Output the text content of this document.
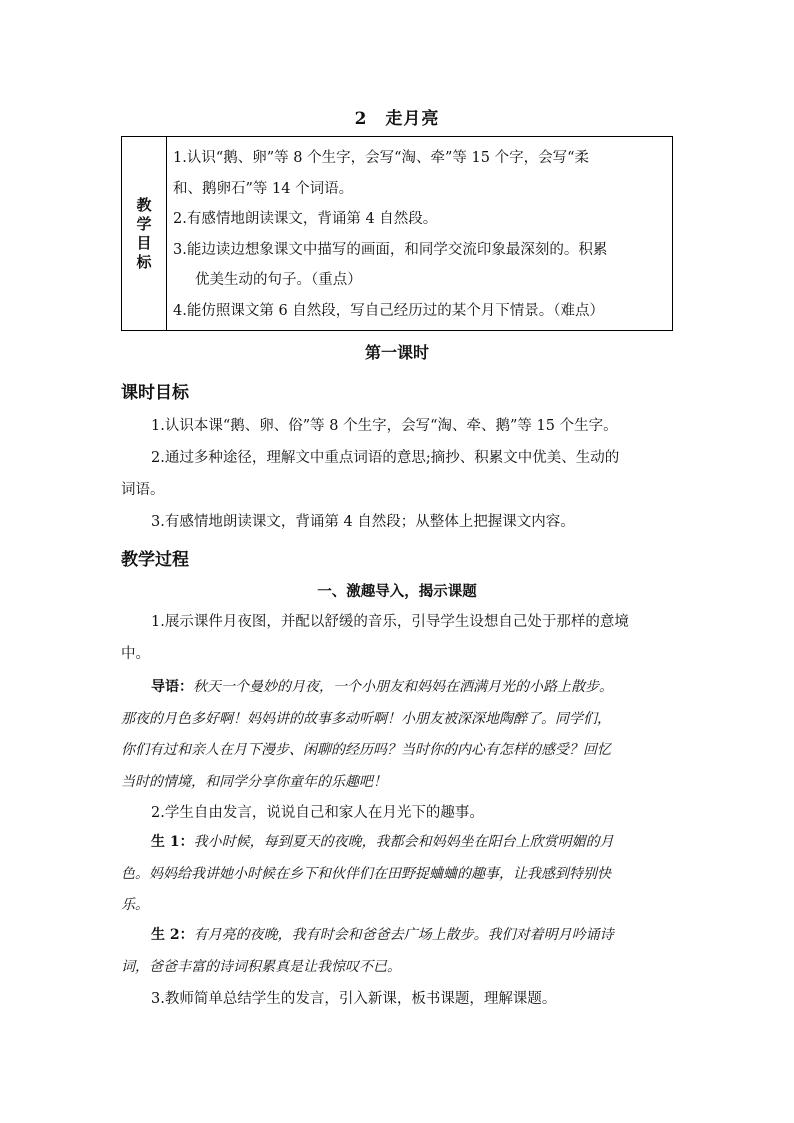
2　走月亮
教学目标

1.认识“鹅、卵”等 8 个生字，会写“淘、牵”等 15 个字，会写“柔
和、鹅卵石”等 14 个词语。
2.有感情地朗读课文，背诵第 4 自然段。
3.能边读边想象课文中描写的画面，和同学交流印象最深刻的。积累
优美生动的句子。（重点）
4.能仿照课文第 6 自然段，写自己经历过的某个月下情景。（难点）
第一课时
课时目标
1.认识本课“鹅、卵、俗”等 8 个生字，会写“淘、牵、鹅”等 15 个生字。
2.通过多种途径，理解文中重点词语的意思;摘抄、积累文中优美、生动的
词语。
3.有感情地朗读课文，背诵第 4 自然段；从整体上把握课文内容。
教学过程
一、激趣导入，揭示课题
1.展示课件月夜图，并配以舒缓的音乐，引导学生设想自己处于那样的意境
中。
导语：秋天一个曼妙的月夜，一个小朋友和妈妈在洒满月光的小路上散步。
那夜的月色多好啊！妈妈讲的故事多动听啊！小朋友被深深地陶醉了。同学们，
你们有过和亲人在月下漫步、闲聊的经历吗？当时你的内心有怎样的感受？回忆
当时的情境，和同学分享你童年的乐趣吧！
2.学生自由发言，说说自己和家人在月光下的趣事。
生 1：我小时候，每到夏天的夜晚，我都会和妈妈坐在阳台上欣赏明媚的月
色。妈妈给我讲她小时候在乡下和伙伴们在田野捉蛐蛐的趣事，让我感到特别快
乐。
生 2：有月亮的夜晚，我有时会和爸爸去广场上散步。我们对着明月吟诵诗
词，爸爸丰富的诗词积累真是让我惊叹不已。
3.教师简单总结学生的发言，引入新课，板书课题，理解课题。
